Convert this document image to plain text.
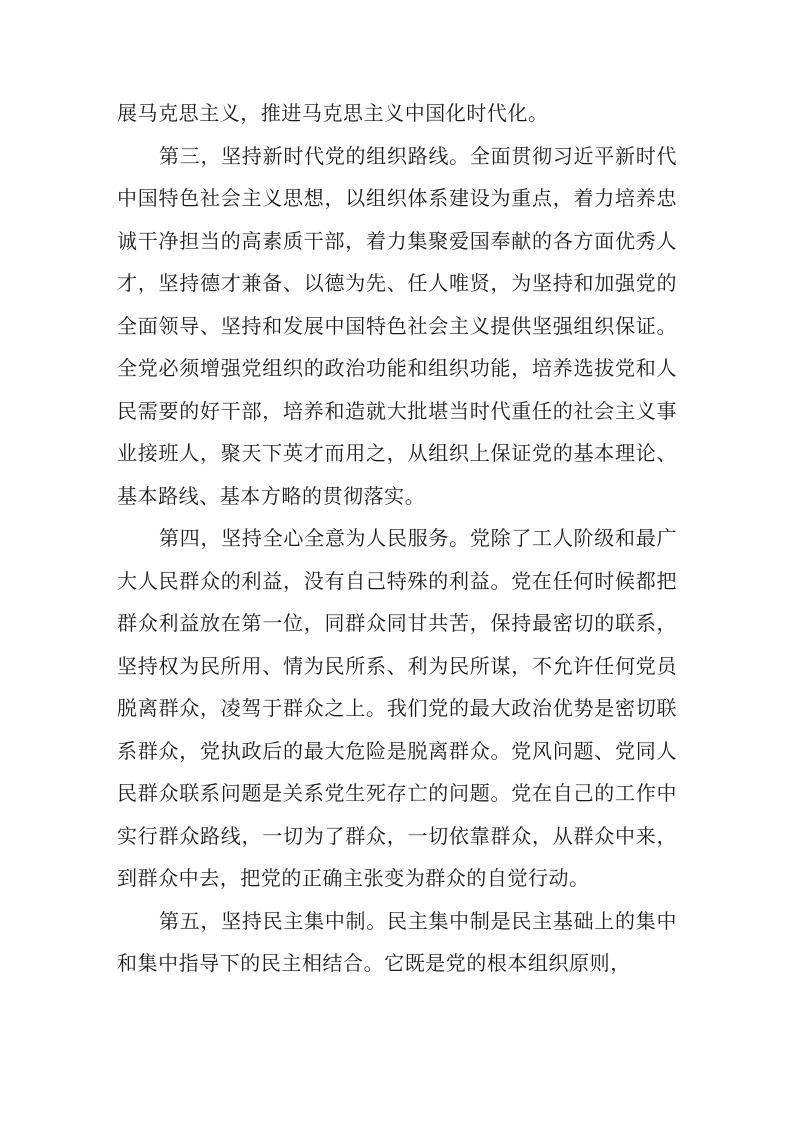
展马克思主义，推进马克思主义中国化时代化。

第三，坚持新时代党的组织路线。全面贯彻习近平新时代中国特色社会主义思想，以组织体系建设为重点，着力培养忠诚干净担当的高素质干部，着力集聚爱国奉献的各方面优秀人才，坚持德才兼备、以德为先、任人唯贤，为坚持和加强党的全面领导、坚持和发展中国特色社会主义提供坚强组织保证。全党必须增强党组织的政治功能和组织功能，培养选拔党和人民需要的好干部，培养和造就大批堪当时代重任的社会主义事业接班人，聚天下英才而用之，从组织上保证党的基本理论、基本路线、基本方略的贯彻落实。

第四，坚持全心全意为人民服务。党除了工人阶级和最广大人民群众的利益，没有自己特殊的利益。党在任何时候都把群众利益放在第一位，同群众同甘共苦，保持最密切的联系，坚持权为民所用、情为民所系、利为民所谋，不允许任何党员脱离群众，凌驾于群众之上。我们党的最大政治优势是密切联系群众，党执政后的最大危险是脱离群众。党风问题、党同人民群众联系问题是关系党生死存亡的问题。党在自己的工作中实行群众路线，一切为了群众，一切依靠群众，从群众中来，到群众中去，把党的正确主张变为群众的自觉行动。

第五，坚持民主集中制。民主集中制是民主基础上的集中和集中指导下的民主相结合。它既是党的根本组织原则，
